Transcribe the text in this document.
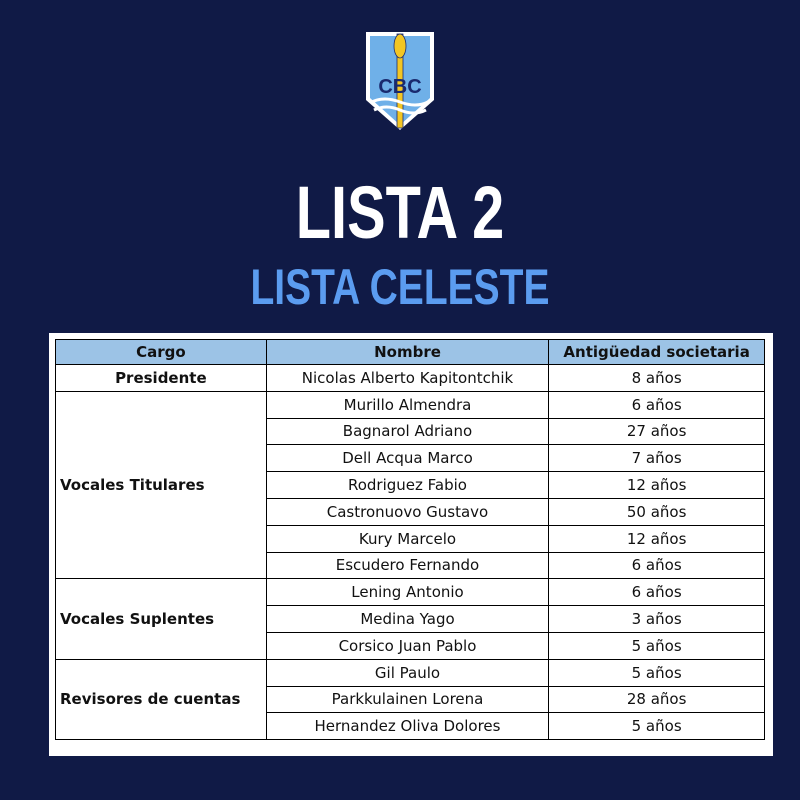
CBC
LISTA 2
LISTA CELESTE
Cargo	Nombre	Antigüedad societaria
Presidente	Nicolas Alberto Kapitontchik	8 años
Vocales Titulares	Murillo Almendra	6 años
	Bagnarol Adriano	27 años
	Dell Acqua Marco	7 años
	Rodriguez Fabio	12 años
	Castronuovo Gustavo	50 años
	Kury Marcelo	12 años
	Escudero Fernando	6 años
Vocales Suplentes	Lening Antonio	6 años
	Medina Yago	3 años
	Corsico Juan Pablo	5 años
Revisores de cuentas	Gil Paulo	5 años
	Parkkulainen Lorena	28 años
	Hernandez Oliva Dolores	5 años
